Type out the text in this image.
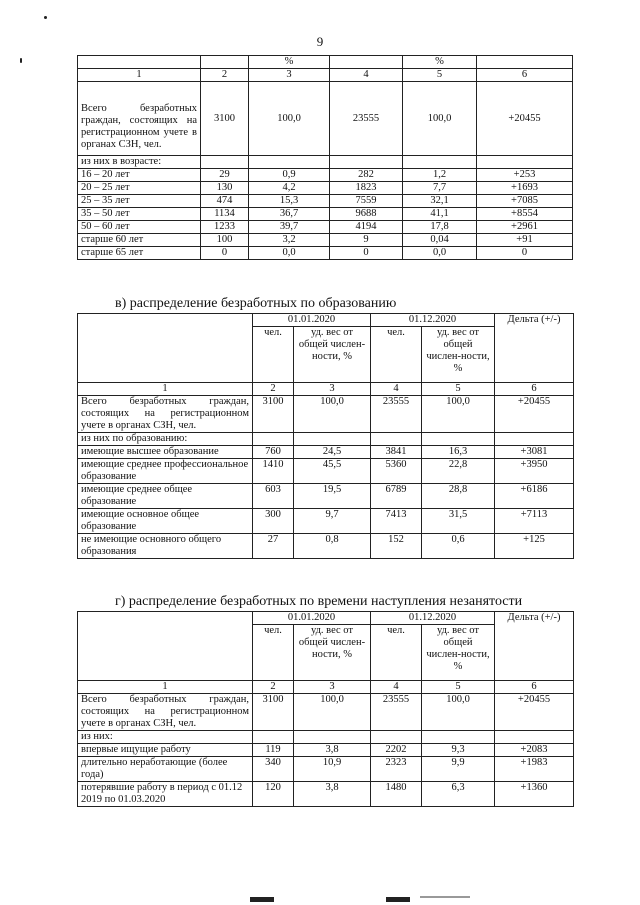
9
		%		%	
1	2	3	4	5	6
Всего безработных граждан, состоящих на регистрационном учете в органах СЗН, чел.	3100	100,0	23555	100,0	+20455
из них в возрасте:					
16 – 20 лет	29	0,9	282	1,2	+253
20 – 25 лет	130	4,2	1823	7,7	+1693
25 – 35 лет	474	15,3	7559	32,1	+7085
35 – 50 лет	1134	36,7	9688	41,1	+8554
50 – 60 лет	1233	39,7	4194	17,8	+2961
старше 60 лет	100	3,2	9	0,04	+91
старше 65 лет	0	0,0	0	0,0	0
в) распределение безработных по образованию
	01.01.2020		01.12.2020		Дельта (+/-)
	чел.	уд. вес от общей числен-ности, %	чел.	уд. вес от общей числен-ности, %	
1	2	3	4	5	6
Всего безработных граждан, состоящих на регистрационном учете в органах СЗН, чел.	3100	100,0	23555	100,0	+20455
из них по образованию:					
имеющие высшее образование	760	24,5	3841	16,3	+3081
имеющие среднее профессиональное образование	1410	45,5	5360	22,8	+3950
имеющие среднее общее образование	603	19,5	6789	28,8	+6186
имеющие основное общее образование	300	9,7	7413	31,5	+7113
не имеющие основного общего образования	27	0,8	152	0,6	+125
г) распределение безработных по времени наступления незанятости
	01.01.2020		01.12.2020		Дельта (+/-)
	чел.	уд. вес от общей числен-ности, %	чел.	уд. вес от общей числен-ности, %	
1	2	3	4	5	6
Всего безработных граждан, состоящих на регистрационном учете в органах СЗН, чел.	3100	100,0	23555	100,0	+20455
из них:					
впервые ищущие работу	119	3,8	2202	9,3	+2083
длительно неработающие (более года)	340	10,9	2323	9,9	+1983
потерявшие работу в период с 01.12 2019 по 01.03.2020	120	3,8	1480	6,3	+1360
